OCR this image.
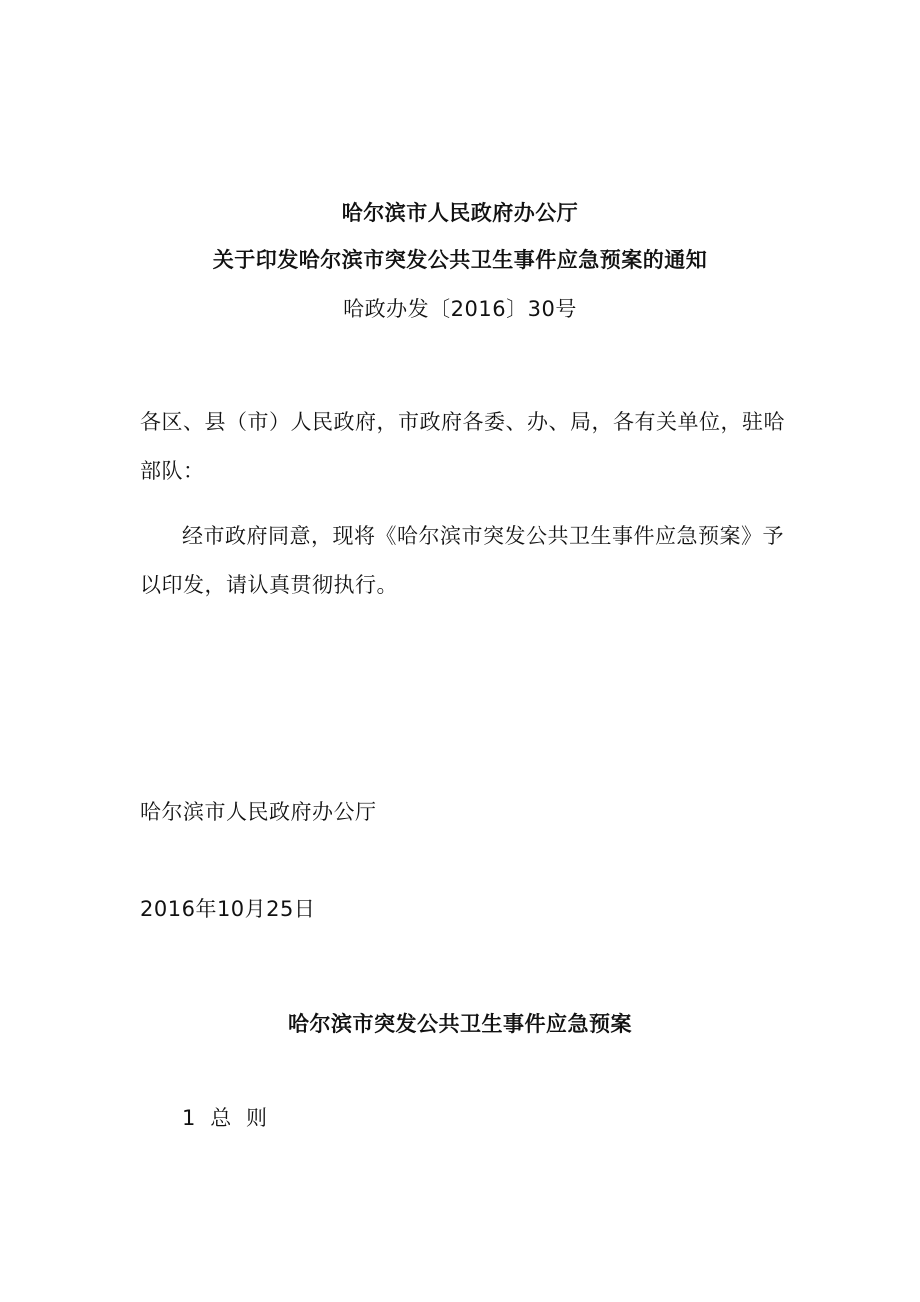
哈尔滨市人民政府办公厅
关于印发哈尔滨市突发公共卫生事件应急预案的通知
哈政办发〔2016〕30号
各区、县（市）人民政府，市政府各委、办、局，各有关单位，驻哈
部队：
经市政府同意，现将《哈尔滨市突发公共卫生事件应急预案》予
以印发，请认真贯彻执行。
哈尔滨市人民政府办公厅
2016年10月25日
哈尔滨市突发公共卫生事件应急预案
1  总  则
